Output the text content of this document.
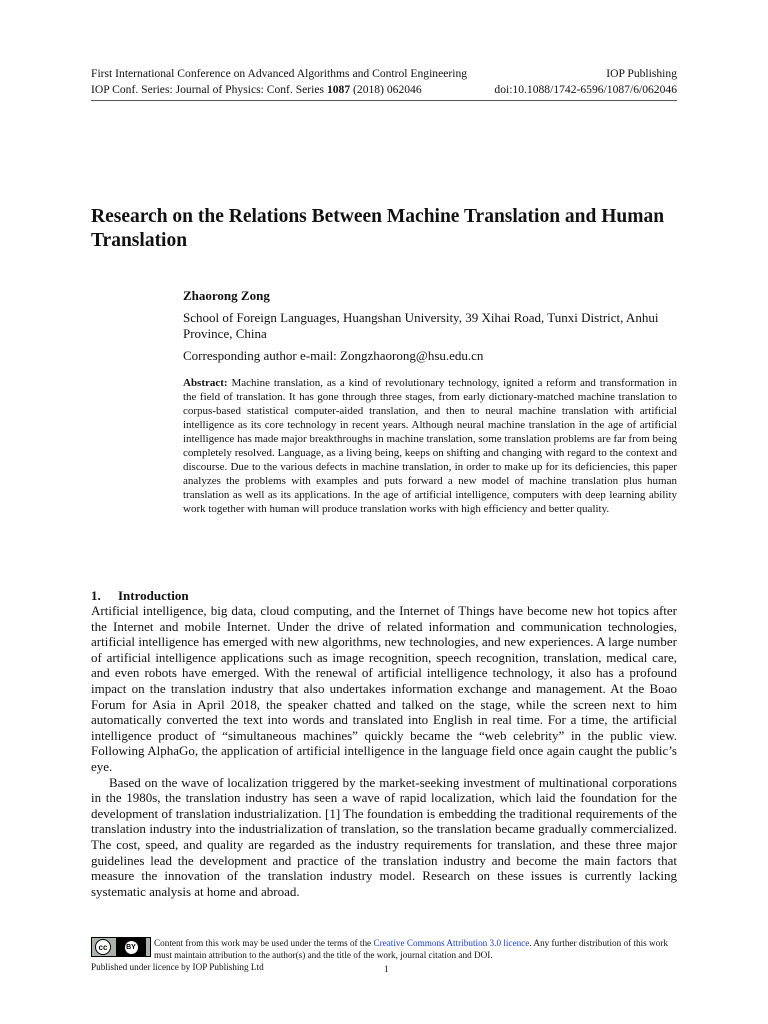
First International Conference on Advanced Algorithms and Control Engineering	IOP Publishing
IOP Conf. Series: Journal of Physics: Conf. Series 1087 (2018) 062046	doi:10.1088/1742-6596/1087/6/062046
Research on the Relations Between Machine Translation and Human Translation
Zhaorong Zong
School of Foreign Languages, Huangshan University, 39 Xihai Road, Tunxi District, Anhui Province, China
Corresponding author e-mail: Zongzhaorong@hsu.edu.cn

Abstract: Machine translation, as a kind of revolutionary technology, ignited a reform and transformation in the field of translation. It has gone through three stages, from early dictionary-matched machine translation to corpus-based statistical computer-aided translation, and then to neural machine translation with artificial intelligence as its core technology in recent years. Although neural machine translation in the age of artificial intelligence has made major breakthroughs in machine translation, some translation problems are far from being completely resolved. Language, as a living being, keeps on shifting and changing with regard to the context and discourse. Due to the various defects in machine translation, in order to make up for its deficiencies, this paper analyzes the problems with examples and puts forward a new model of machine translation plus human translation as well as its applications. In the age of artificial intelligence, computers with deep learning ability work together with human will produce translation works with high efficiency and better quality.

1. Introduction

Artificial intelligence, big data, cloud computing, and the Internet of Things have become new hot topics after the Internet and mobile Internet. Under the drive of related information and communication technologies, artificial intelligence has emerged with new algorithms, new technologies, and new experiences. A large number of artificial intelligence applications such as image recognition, speech recognition, translation, medical care, and even robots have emerged. With the renewal of artificial intelligence technology, it also has a profound impact on the translation industry that also undertakes information exchange and management. At the Boao Forum for Asia in April 2018, the speaker chatted and talked on the stage, while the screen next to him automatically converted the text into words and translated into English in real time. For a time, the artificial intelligence product of “simultaneous machines” quickly became the “web celebrity” in the public view. Following AlphaGo, the application of artificial intelligence in the language field once again caught the public’s eye.

Based on the wave of localization triggered by the market-seeking investment of multinational corporations in the 1980s, the translation industry has seen a wave of rapid localization, which laid the foundation for the development of translation industrialization. [1] The foundation is embedding the traditional requirements of the translation industry into the industrialization of translation, so the translation became gradually commercialized. The cost, speed, and quality are regarded as the industry requirements for translation, and these three major guidelines lead the development and practice of the translation industry and become the main factors that measure the innovation of the translation industry model. Research on these issues is currently lacking systematic analysis at home and abroad.

cc	BY Content from this work may be used under the terms of the Creative Commons Attribution 3.0 licence. Any further distribution of this work must maintain attribution to the author(s) and the title of the work, journal citation and DOI.
Published under licence by IOP Publishing Ltd	1
